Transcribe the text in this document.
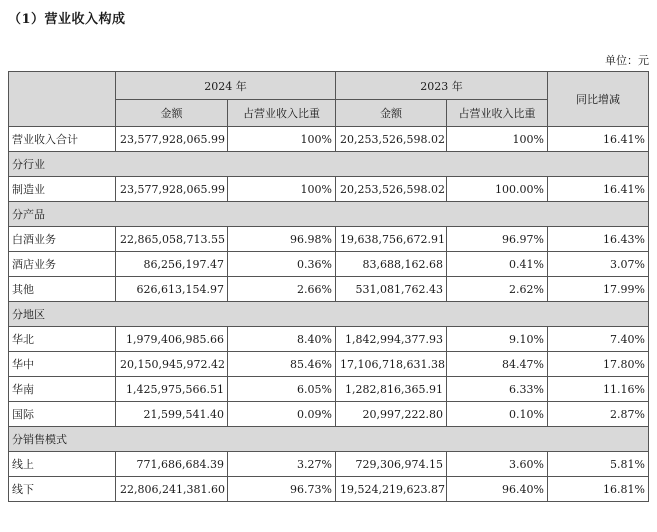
（1）营业收入构成
单位：元
	2024 年		2023 年		同比增减
	金额	占营业收入比重	金额	占营业收入比重	
营业收入合计	23,577,928,065.99	100%	20,253,526,598.02	100%	16.41%
分行业					
制造业	23,577,928,065.99	100%	20,253,526,598.02	100.00%	16.41%
分产品					
白酒业务	22,865,058,713.55	96.98%	19,638,756,672.91	96.97%	16.43%
酒店业务	86,256,197.47	0.36%	83,688,162.68	0.41%	3.07%
其他	626,613,154.97	2.66%	531,081,762.43	2.62%	17.99%
分地区					
华北	1,979,406,985.66	8.40%	1,842,994,377.93	9.10%	7.40%
华中	20,150,945,972.42	85.46%	17,106,718,631.38	84.47%	17.80%
华南	1,425,975,566.51	6.05%	1,282,816,365.91	6.33%	11.16%
国际	21,599,541.40	0.09%	20,997,222.80	0.10%	2.87%
分销售模式					
线上	771,686,684.39	3.27%	729,306,974.15	3.60%	5.81%
线下	22,806,241,381.60	96.73%	19,524,219,623.87	96.40%	16.81%
